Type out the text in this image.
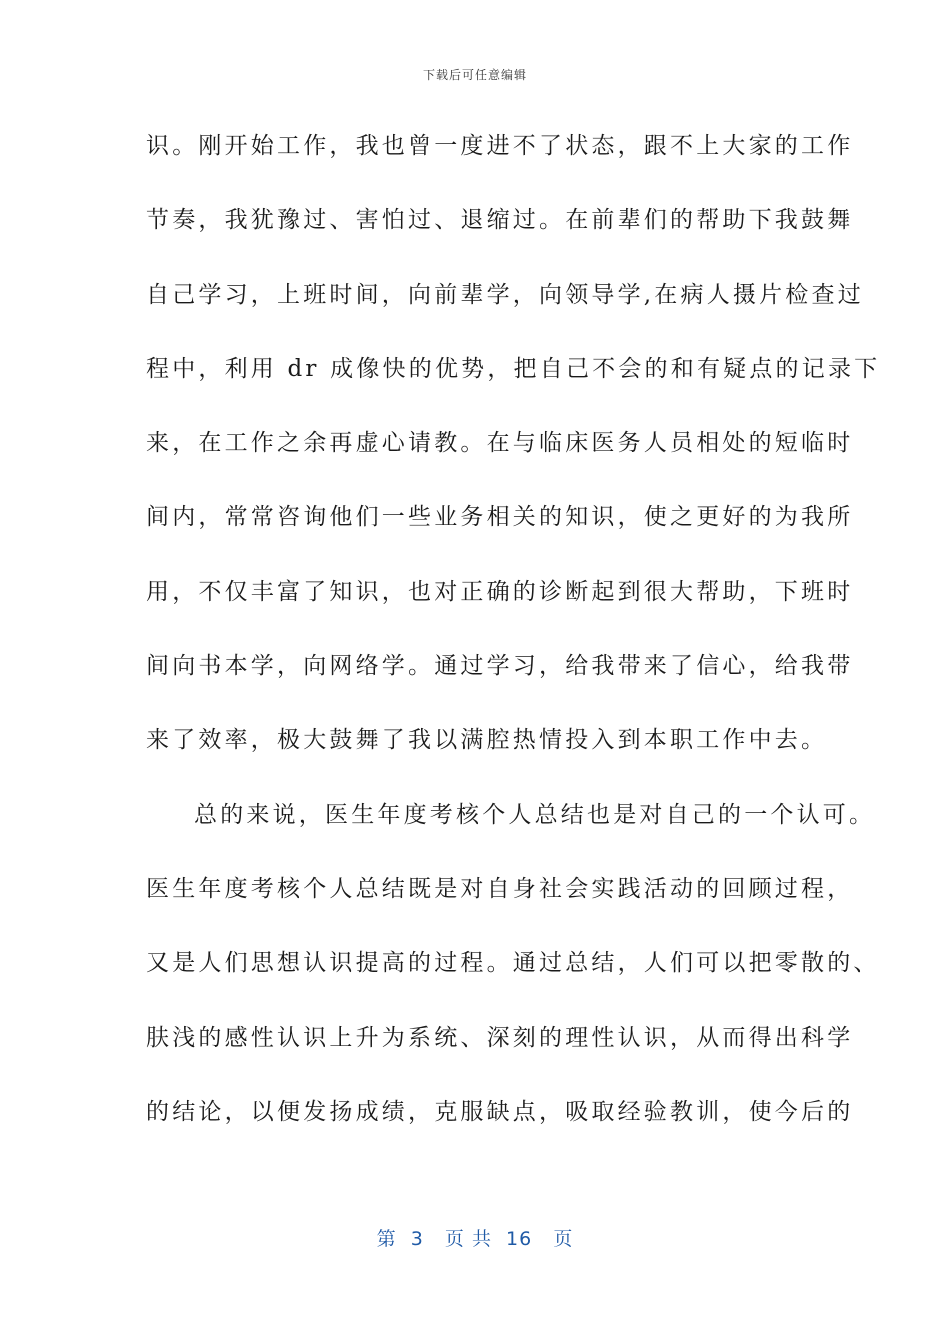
下载后可任意编辑
识。刚开始工作，我也曾一度进不了状态，跟不上大家的工作
节奏，我犹豫过、害怕过、退缩过。在前辈们的帮助下我鼓舞
自己学习，上班时间，向前辈学，向领导学,在病人摄片检查过
程中，利用 dr 成像快的优势，把自己不会的和有疑点的记录下
来，在工作之余再虚心请教。在与临床医务人员相处的短临时
间内，常常咨询他们一些业务相关的知识，使之更好的为我所
用，不仅丰富了知识，也对正确的诊断起到很大帮助，下班时
间向书本学，向网络学。通过学习，给我带来了信心，给我带
来了效率，极大鼓舞了我以满腔热情投入到本职工作中去。
总的来说，医生年度考核个人总结也是对自己的一个认可。
医生年度考核个人总结既是对自身社会实践活动的回顾过程，
又是人们思想认识提高的过程。通过总结，人们可以把零散的、
肤浅的感性认识上升为系统、深刻的理性认识，从而得出科学
的结论，以便发扬成绩，克服缺点，吸取经验教训，使今后的
第  3   页 共  16   页
